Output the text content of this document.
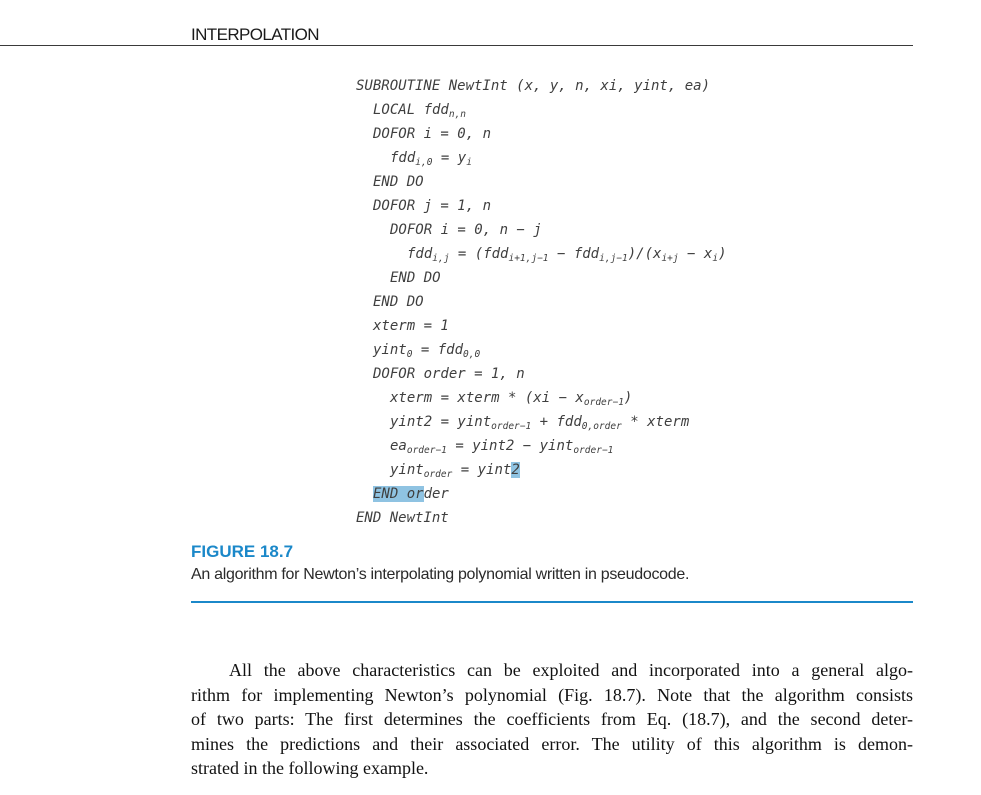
INTERPOLATION
SUBROUTINE NewtInt (x, y, n, xi, yint, ea)
LOCAL fdd$_{n,n}$
DOFOR i = 0, n
$fdd_{i,0} = y_i$
END DO
DOFOR j = 1, n
DOFOR i = 0, n − j
$fdd_{i,j} = (fdd_{i+1,j-1} - fdd_{i,j-1})/(x_{i+j} - x_i)$
END DO
END DO
xterm = 1
yint$_0$ = fdd$_{0,0}$
DOFOR order = 1, n
xterm = xterm * $(xi - x_{order-1})$
yint2 = yint$_{order-1}$ + fdd$_{0,order}$ * xterm
$ea_{order-1}$ = yint2 − yint$_{order-1}$
yint$_{order}$ = yint2
END order
END NewtInt
FIGURE 18.7
An algorithm for Newton’s interpolating polynomial written in pseudocode.

All the above characteristics can be exploited and incorporated into a general algo-
rithm for implementing Newton’s polynomial (Fig. 18.7). Note that the algorithm consists
of two parts: The first determines the coefficients from Eq. (18.7), and the second deter-
mines the predictions and their associated error. The utility of this algorithm is demon-
strated in the following example.
